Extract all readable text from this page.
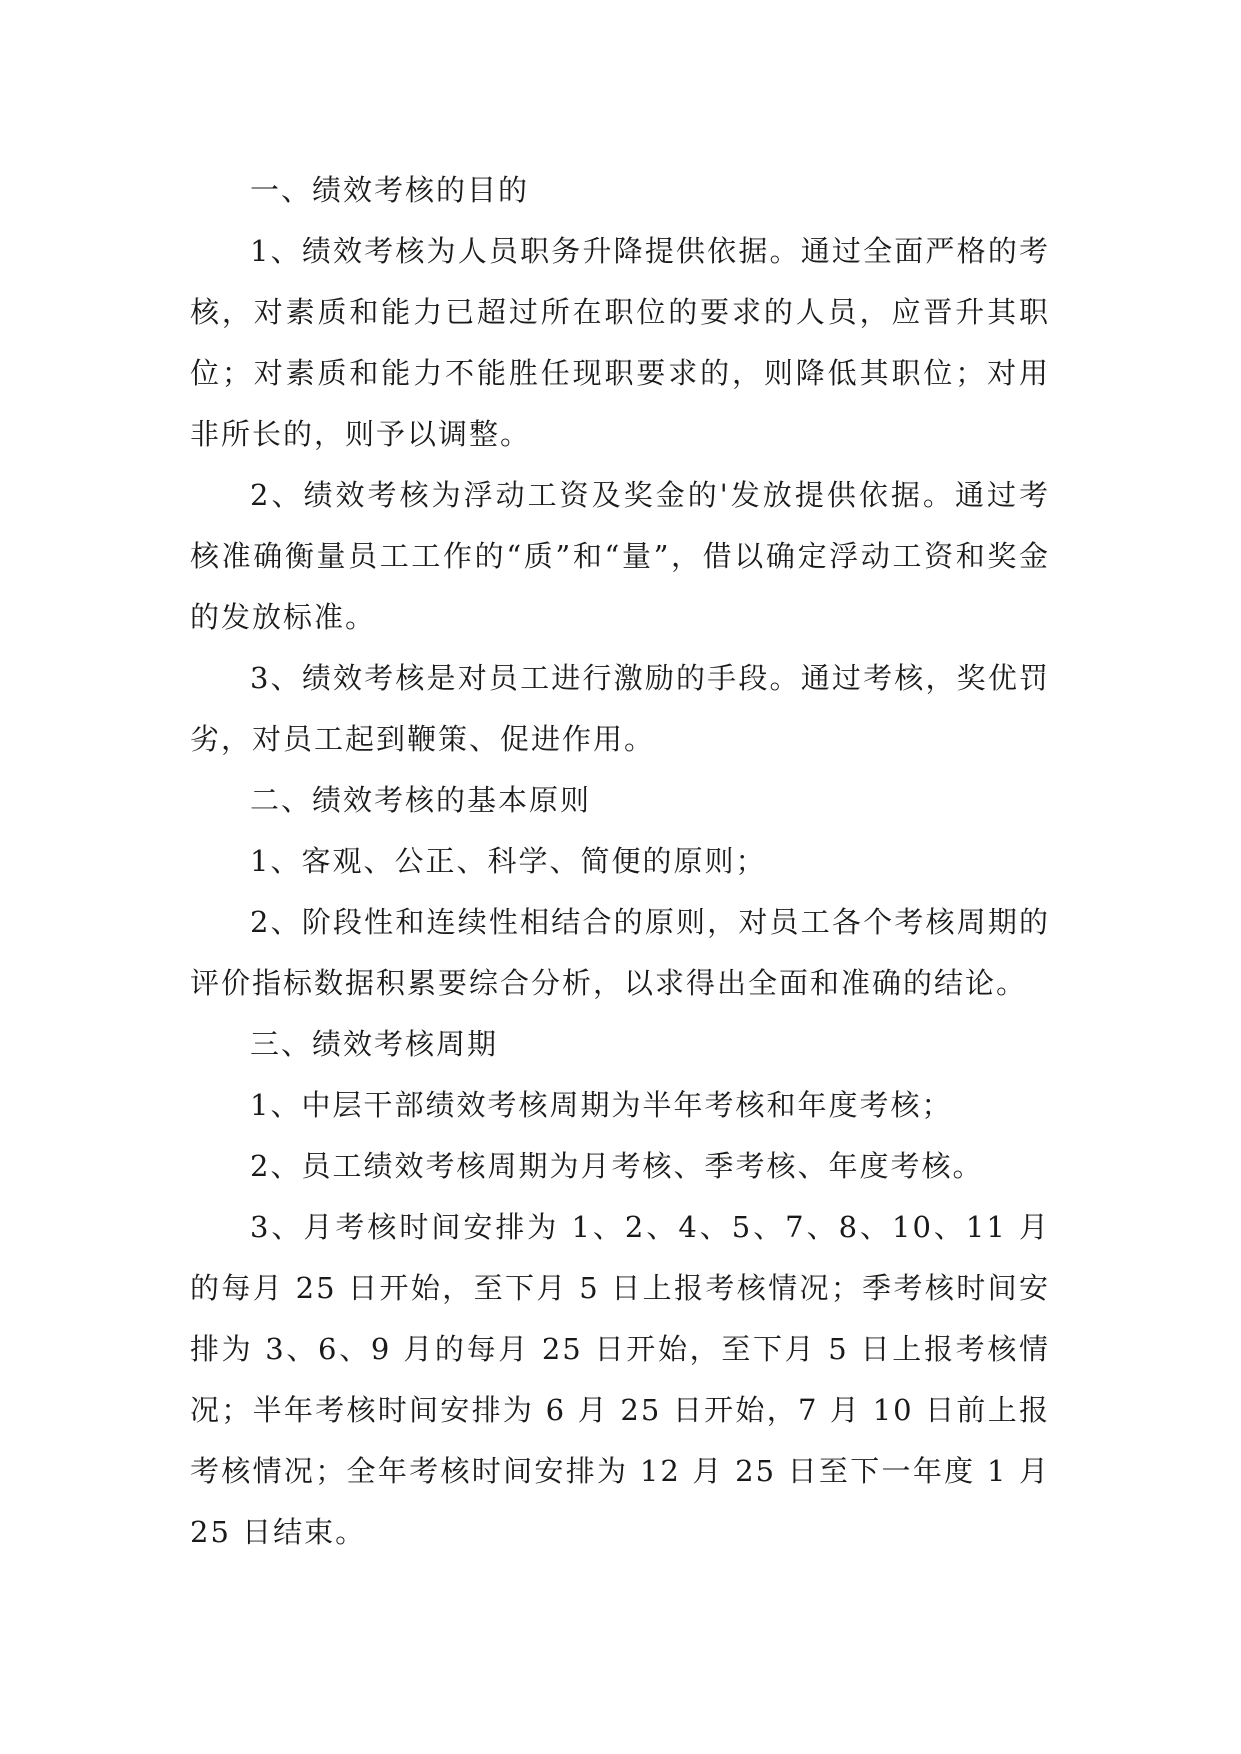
一、绩效考核的目的

1、绩效考核为人员职务升降提供依据。通过全面严格的考核，对素质和能力已超过所在职位的要求的人员，应晋升其职位；对素质和能力不能胜任现职要求的，则降低其职位；对用非所长的，则予以调整。

2、绩效考核为浮动工资及奖金的'发放提供依据。通过考核准确衡量员工工作的“质”和“量”，借以确定浮动工资和奖金的发放标准。

3、绩效考核是对员工进行激励的手段。通过考核，奖优罚劣，对员工起到鞭策、促进作用。

二、绩效考核的基本原则

1、客观、公正、科学、简便的原则；

2、阶段性和连续性相结合的原则，对员工各个考核周期的评价指标数据积累要综合分析，以求得出全面和准确的结论。

三、绩效考核周期

1、中层干部绩效考核周期为半年考核和年度考核；

2、员工绩效考核周期为月考核、季考核、年度考核。

3、月考核时间安排为 1、2、4、5、7、8、10、11 月的每月 25 日开始，至下月 5 日上报考核情况；季考核时间安排为 3、6、9 月的每月 25 日开始，至下月 5 日上报考核情况；半年考核时间安排为 6 月 25 日开始，7 月 10 日前上报考核情况；全年考核时间安排为 12 月 25 日至下一年度 1 月 25 日结束。
